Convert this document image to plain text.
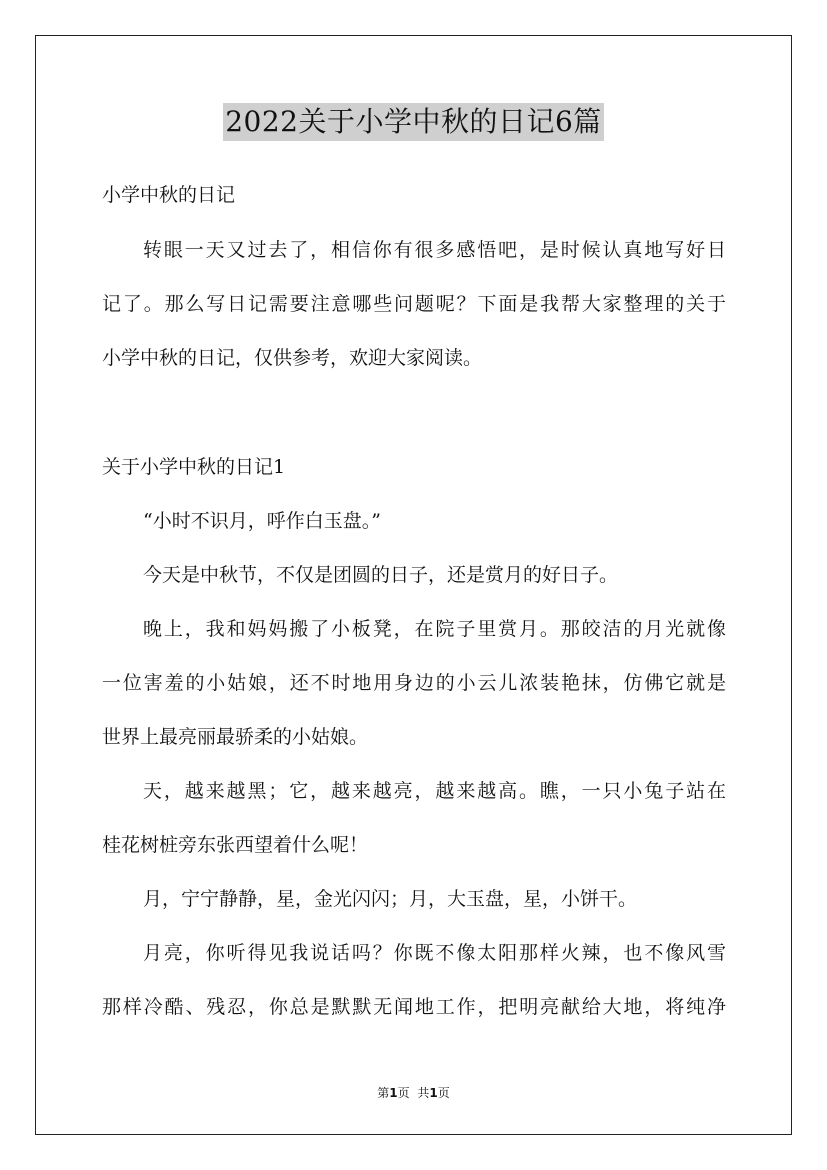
2022关于小学中秋的日记6篇
小学中秋的日记
转眼一天又过去了，相信你有很多感悟吧，是时候认真地写好日
记了。那么写日记需要注意哪些问题呢？下面是我帮大家整理的关于
小学中秋的日记，仅供参考，欢迎大家阅读。
关于小学中秋的日记1
“小时不识月，呼作白玉盘。”
今天是中秋节，不仅是团圆的日子，还是赏月的好日子。
晚上，我和妈妈搬了小板凳，在院子里赏月。那皎洁的月光就像
一位害羞的小姑娘，还不时地用身边的小云儿浓装艳抹，仿佛它就是
世界上最亮丽最骄柔的小姑娘。
天，越来越黑；它，越来越亮，越来越高。瞧，一只小兔子站在
桂花树桩旁东张西望着什么呢！
月，宁宁静静，星，金光闪闪；月，大玉盘，星，小饼干。
月亮，你听得见我说话吗？你既不像太阳那样火辣，也不像风雪
那样冷酷、残忍，你总是默默无闻地工作，把明亮献给大地，将纯净
第1页 共1页
